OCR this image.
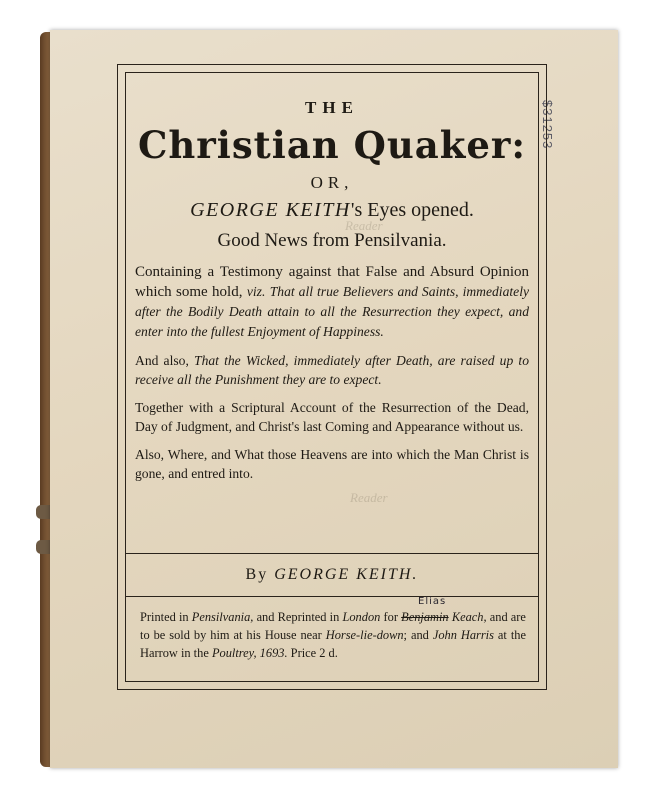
Reader
Reader
$31253

THE

Christian Quaker:

OR,

GEORGE KEITH's Eyes opened.

Good News from Pensilvania.

Containing a Testimony against that False and Absurd Opinion which some hold, viz. That all true Believers and Saints, immediately after the Bodily Death attain to all the Resurrection they expect, and enter into the fullest Enjoyment of Happiness.

And also, That the Wicked, immediately after Death, are raised up to receive all the Punishment they are to expect.

Together with a Scriptural Account of the Resurrection of the Dead, Day of Judgment, and Christ's last Coming and Appearance without us.

Also, Where, and What those Heavens are into which the Man Christ is gone, and entred into.

By GEORGE KEITH.

Elias
Printed in Pensilvania, and Reprinted in London for Benjamin Keach, and are to be sold by him at his House near Horse-lie-down; and John Harris at the Harrow in the Poultrey, 1693. Price 2 d.
